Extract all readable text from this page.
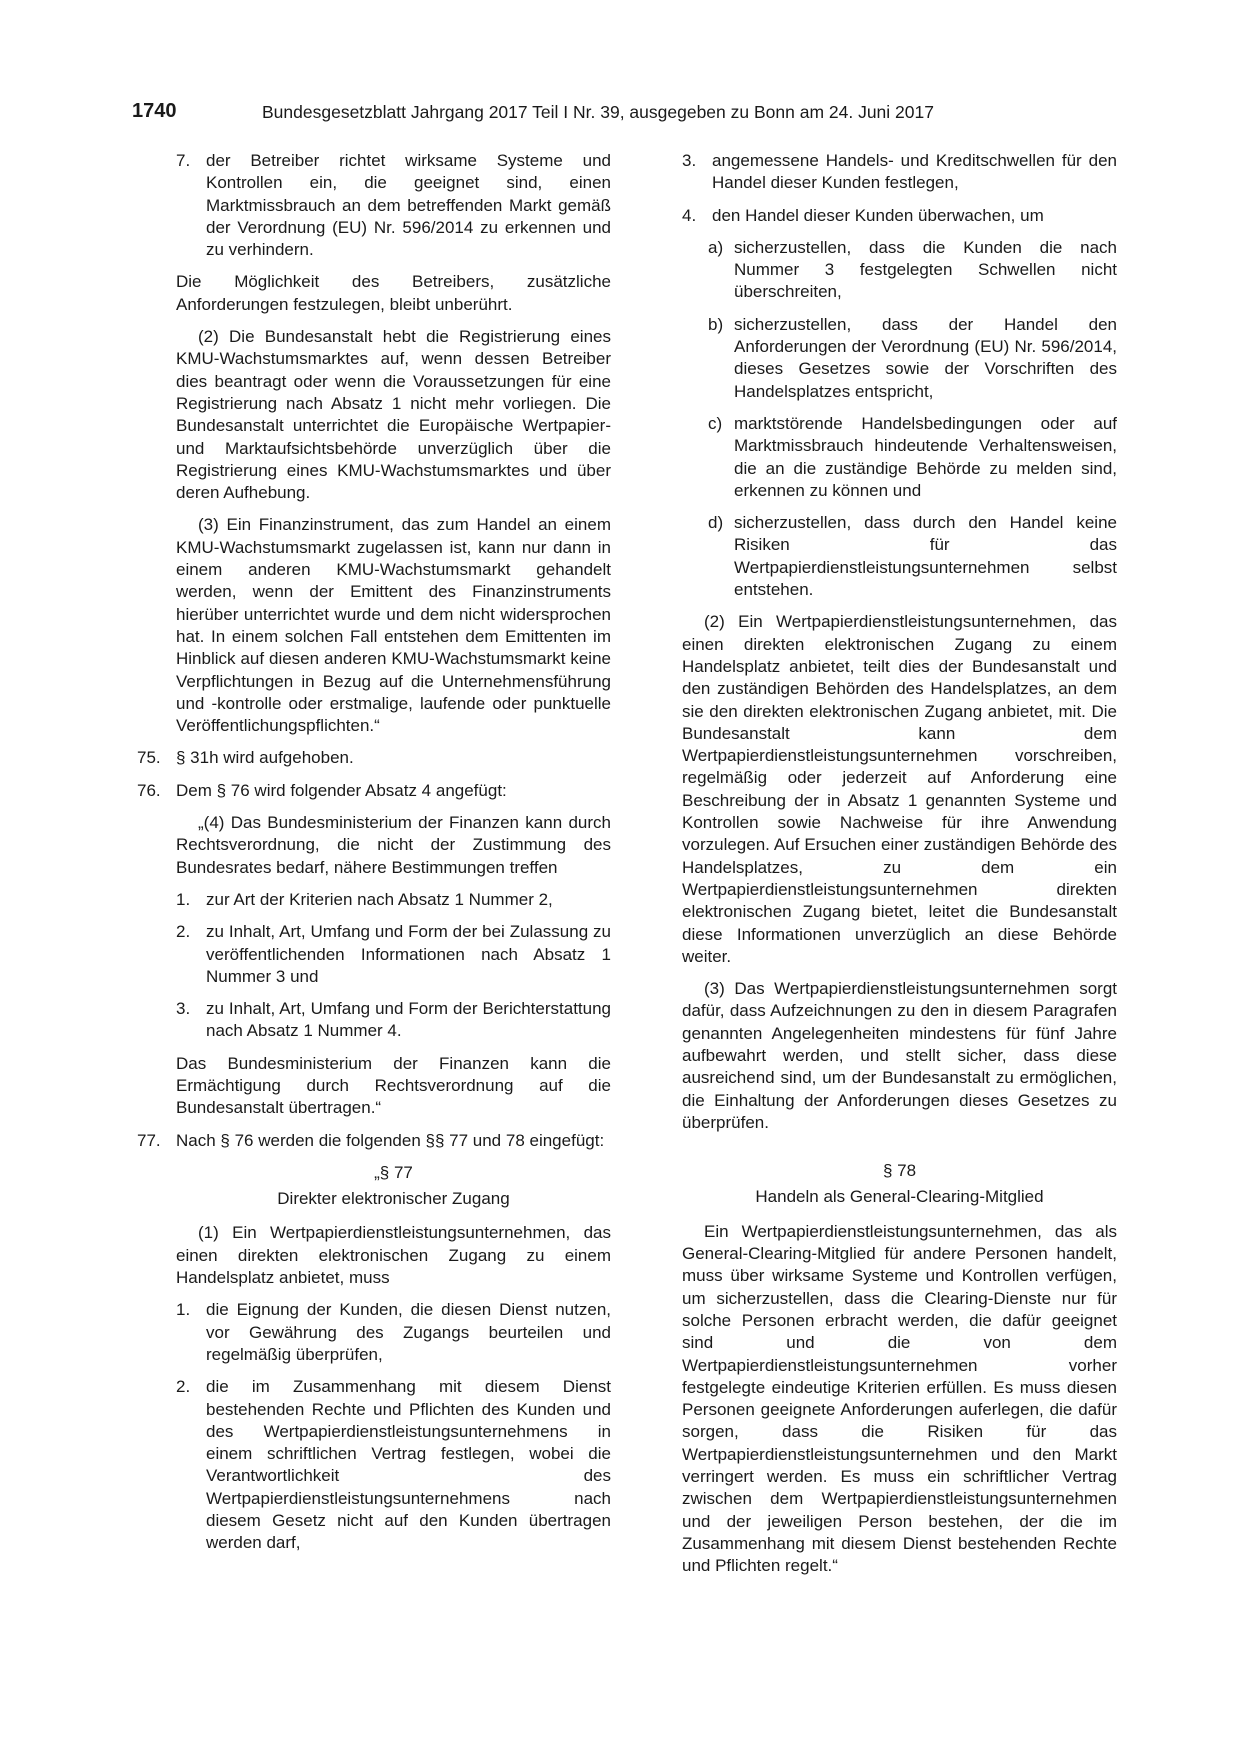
1740	Bundesgesetzblatt Jahrgang 2017 Teil I Nr. 39, ausgegeben zu Bonn am 24. Juni 2017
7. der Betreiber richtet wirksame Systeme und Kontrollen ein, die geeignet sind, einen Marktmissbrauch an dem betreffenden Markt gemäß der Verordnung (EU) Nr. 596/2014 zu erkennen und zu verhindern.

Die Möglichkeit des Betreibers, zusätzliche Anforderungen festzulegen, bleibt unberührt.

(2) Die Bundesanstalt hebt die Registrierung eines KMU-Wachstumsmarktes auf, wenn dessen Betreiber dies beantragt oder wenn die Voraussetzungen für eine Registrierung nach Absatz 1 nicht mehr vorliegen. Die Bundesanstalt unterrichtet die Europäische Wertpapier- und Marktaufsichtsbehörde unverzüglich über die Registrierung eines KMU-Wachstumsmarktes und über deren Aufhebung.

(3) Ein Finanzinstrument, das zum Handel an einem KMU-Wachstumsmarkt zugelassen ist, kann nur dann in einem anderen KMU-Wachstumsmarkt gehandelt werden, wenn der Emittent des Finanzinstruments hierüber unterrichtet wurde und dem nicht widersprochen hat. In einem solchen Fall entstehen dem Emittenten im Hinblick auf diesen anderen KMU-Wachstumsmarkt keine Verpflichtungen in Bezug auf die Unternehmensführung und -kontrolle oder erstmalige, laufende oder punktuelle Veröffentlichungspflichten.“

75. § 31h wird aufgehoben.
76. Dem § 76 wird folgender Absatz 4 angefügt:

„(4) Das Bundesministerium der Finanzen kann durch Rechtsverordnung, die nicht der Zustimmung des Bundesrates bedarf, nähere Bestimmungen treffen

1. zur Art der Kriterien nach Absatz 1 Nummer 2,
2. zu Inhalt, Art, Umfang und Form der bei Zulassung zu veröffentlichenden Informationen nach Absatz 1 Nummer 3 und
3. zu Inhalt, Art, Umfang und Form der Berichterstattung nach Absatz 1 Nummer 4.

Das Bundesministerium der Finanzen kann die Ermächtigung durch Rechtsverordnung auf die Bundesanstalt übertragen.“

77. Nach § 76 werden die folgenden §§ 77 und 78 eingefügt:
„§ 77
Direkter elektronischer Zugang

(1) Ein Wertpapierdienstleistungsunternehmen, das einen direkten elektronischen Zugang zu einem Handelsplatz anbietet, muss

1. die Eignung der Kunden, die diesen Dienst nutzen, vor Gewährung des Zugangs beurteilen und regelmäßig überprüfen,
2. die im Zusammenhang mit diesem Dienst bestehenden Rechte und Pflichten des Kunden und des Wertpapierdienstleistungsunternehmens in einem schriftlichen Vertrag festlegen, wobei die Verantwortlichkeit des Wertpapierdienstleistungsunternehmens nach diesem Gesetz nicht auf den Kunden übertragen werden darf,
3. angemessene Handels- und Kreditschwellen für den Handel dieser Kunden festlegen,
4. den Handel dieser Kunden überwachen, um
a) sicherzustellen, dass die Kunden die nach Nummer 3 festgelegten Schwellen nicht überschreiten,
b) sicherzustellen, dass der Handel den Anforderungen der Verordnung (EU) Nr. 596/2014, dieses Gesetzes sowie der Vorschriften des Handelsplatzes entspricht,
c) marktstörende Handelsbedingungen oder auf Marktmissbrauch hindeutende Verhaltensweisen, die an die zuständige Behörde zu melden sind, erkennen zu können und
d) sicherzustellen, dass durch den Handel keine Risiken für das Wertpapierdienstleistungsunternehmen selbst entstehen.

(2) Ein Wertpapierdienstleistungsunternehmen, das einen direkten elektronischen Zugang zu einem Handelsplatz anbietet, teilt dies der Bundesanstalt und den zuständigen Behörden des Handelsplatzes, an dem sie den direkten elektronischen Zugang anbietet, mit. Die Bundesanstalt kann dem Wertpapierdienstleistungsunternehmen vorschreiben, regelmäßig oder jederzeit auf Anforderung eine Beschreibung der in Absatz 1 genannten Systeme und Kontrollen sowie Nachweise für ihre Anwendung vorzulegen. Auf Ersuchen einer zuständigen Behörde des Handelsplatzes, zu dem ein Wertpapierdienstleistungsunternehmen direkten elektronischen Zugang bietet, leitet die Bundesanstalt diese Informationen unverzüglich an diese Behörde weiter.

(3) Das Wertpapierdienstleistungsunternehmen sorgt dafür, dass Aufzeichnungen zu den in diesem Paragrafen genannten Angelegenheiten mindestens für fünf Jahre aufbewahrt werden, und stellt sicher, dass diese ausreichend sind, um der Bundesanstalt zu ermöglichen, die Einhaltung der Anforderungen dieses Gesetzes zu überprüfen.

§ 78
Handeln als General-Clearing-Mitglied

Ein Wertpapierdienstleistungsunternehmen, das als General-Clearing-Mitglied für andere Personen handelt, muss über wirksame Systeme und Kontrollen verfügen, um sicherzustellen, dass die Clearing-Dienste nur für solche Personen erbracht werden, die dafür geeignet sind und die von dem Wertpapierdienstleistungsunternehmen vorher festgelegte eindeutige Kriterien erfüllen. Es muss diesen Personen geeignete Anforderungen auferlegen, die dafür sorgen, dass die Risiken für das Wertpapierdienstleistungsunternehmen und den Markt verringert werden. Es muss ein schriftlicher Vertrag zwischen dem Wertpapierdienstleistungsunternehmen und der jeweiligen Person bestehen, der die im Zusammenhang mit diesem Dienst bestehenden Rechte und Pflichten regelt.“
